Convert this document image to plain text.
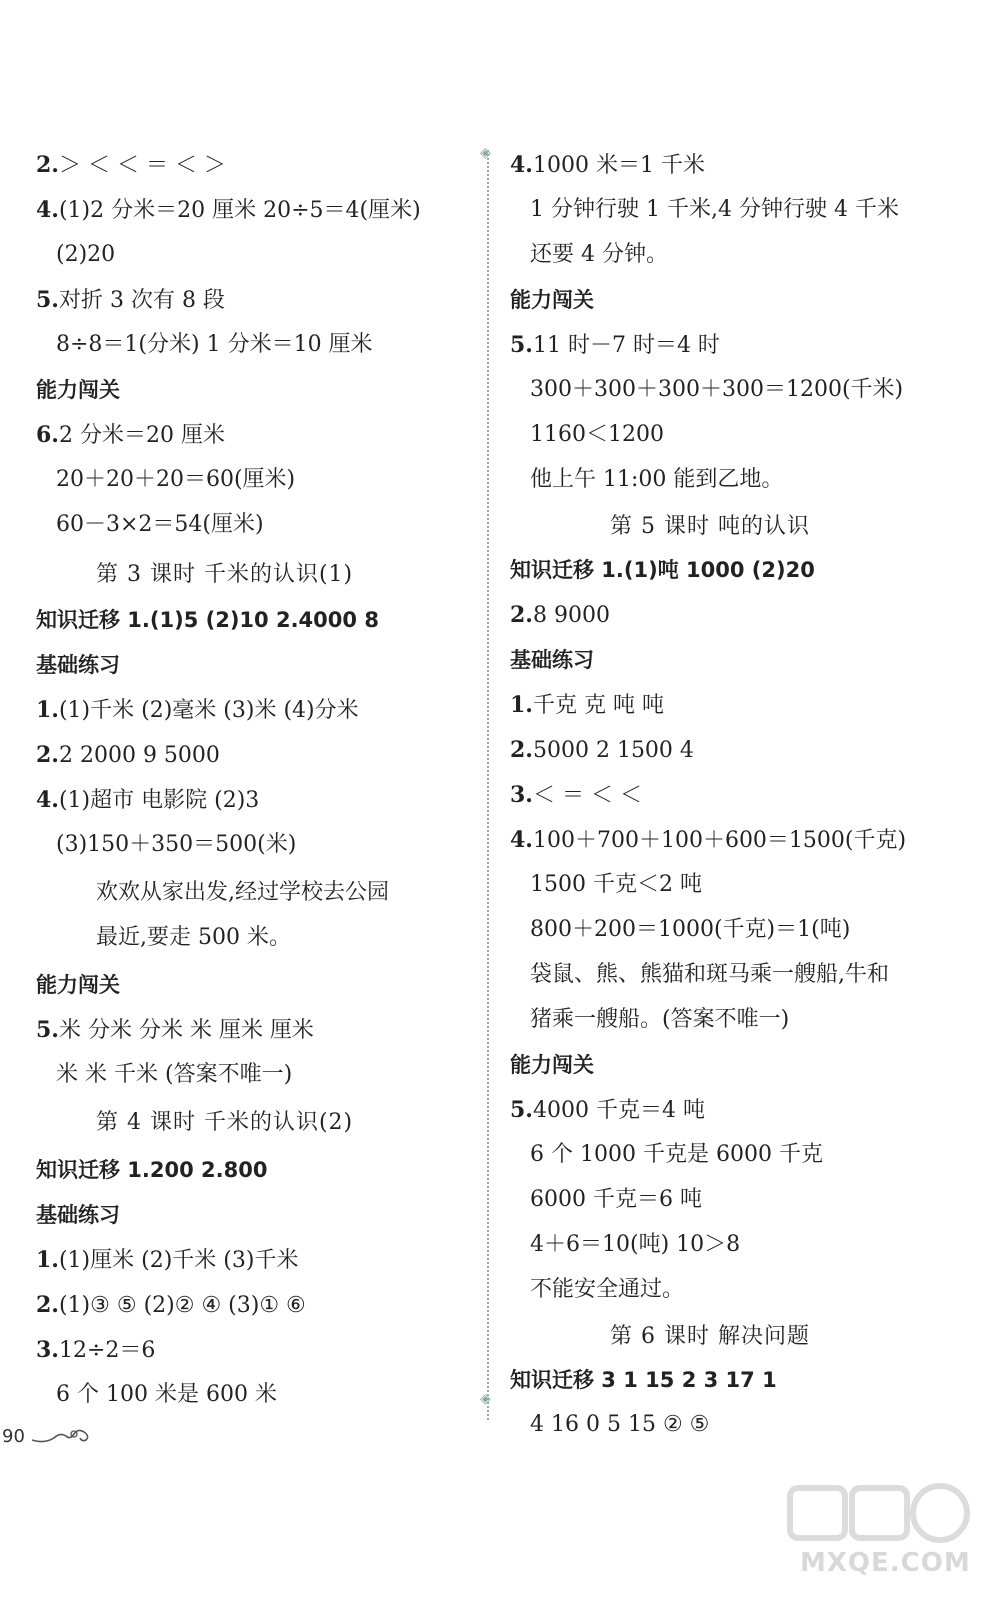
2.＞ ＜ ＜ ＝ ＜ ＞
4.(1)2 分米＝20 厘米 20÷5＝4(厘米)
(2)20
5.对折 3 次有 8 段
8÷8＝1(分米) 1 分米＝10 厘米
能力闯关
6.2 分米＝20 厘米
20＋20＋20＝60(厘米)
60－3×2＝54(厘米)
第 3 课时 千米的认识(1)
知识迁移 1.(1)5 (2)10 2.4000 8
基础练习
1.(1)千米 (2)毫米 (3)米 (4)分米
2.2 2000 9 5000
4.(1)超市 电影院 (2)3
(3)150＋350＝500(米)
欢欢从家出发,经过学校去公园
最近,要走 500 米。
能力闯关
5.米 分米 分米 米 厘米 厘米
米 米 千米 (答案不唯一)
第 4 课时 千米的认识(2)
知识迁移 1.200 2.800
基础练习
1.(1)厘米 (2)千米 (3)千米
2.(1)③ ⑤ (2)② ④ (3)① ⑥
3.12÷2＝6
6 个 100 米是 600 米
◈
◈
4.1000 米＝1 千米
1 分钟行驶 1 千米,4 分钟行驶 4 千米
还要 4 分钟。
能力闯关
5.11 时－7 时＝4 时
300＋300＋300＋300＝1200(千米)
1160＜1200
他上午 11:00 能到乙地。
第 5 课时 吨的认识
知识迁移 1.(1)吨 1000 (2)20
2.8 9000
基础练习
1.千克 克 吨 吨
2.5000 2 1500 4
3.＜ ＝ ＜ ＜
4.100＋700＋100＋600＝1500(千克)
1500 千克＜2 吨
800＋200＝1000(千克)＝1(吨)
袋鼠、熊、熊猫和斑马乘一艘船,牛和
猪乘一艘船。(答案不唯一)
能力闯关
5.4000 千克＝4 吨
6 个 1000 千克是 6000 千克
6000 千克＝6 吨
4＋6＝10(吨) 10＞8
不能安全通过。
第 6 课时 解决问题
知识迁移 3 1 15 2 3 17 1
4 16 0 5 15 ② ⑤
90
MXQE.COM
